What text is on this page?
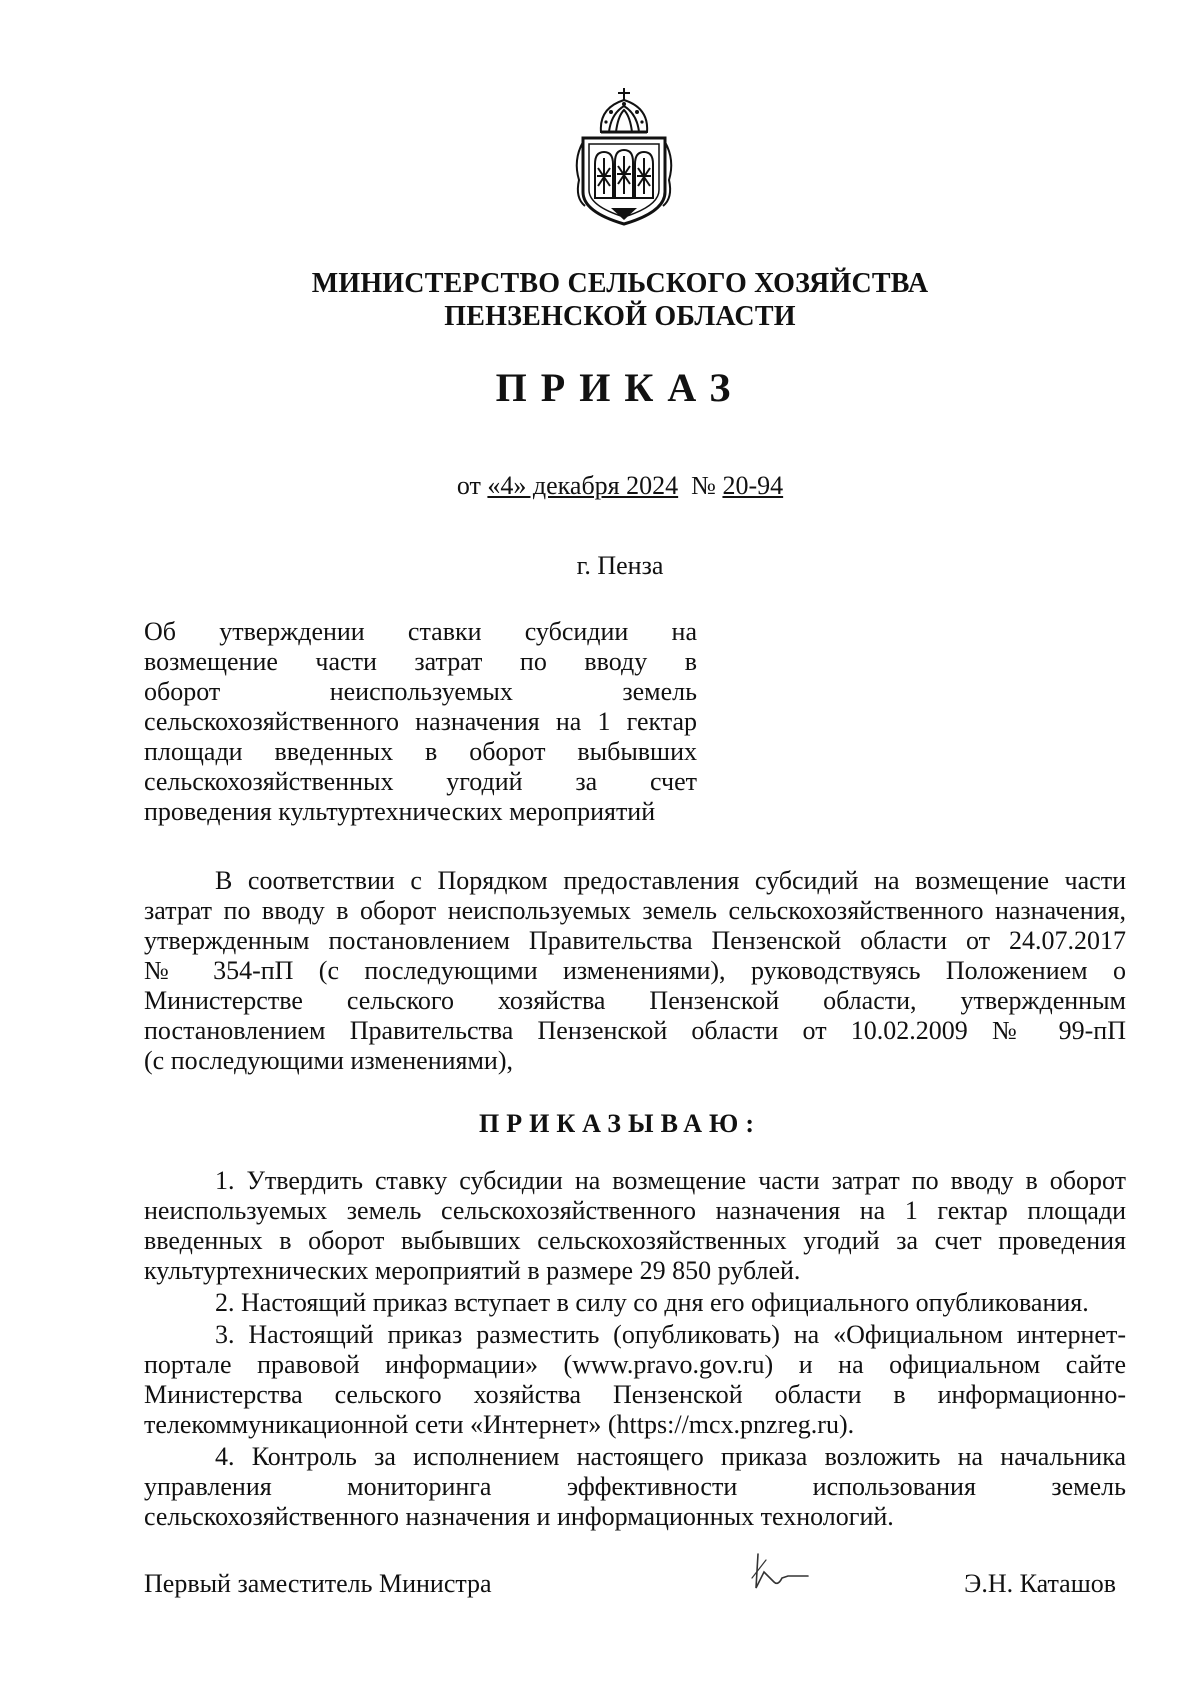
МИНИСТЕРСТВО СЕЛЬСКОГО ХОЗЯЙСТВА
ПЕНЗЕНСКОЙ ОБЛАСТИ
ПРИКАЗ
от «4» декабря 2024 № 20-94
г. Пенза
Об утверждении ставки субсидии на
возмещение части затрат по вводу в
оборот неиспользуемых земель
сельскохозяйственного назначения на 1 гектар
площади введенных в оборот выбывших
сельскохозяйственных угодий за счет
проведения культуртехнических мероприятий
В соответствии с Порядком предоставления субсидий на возмещение части
затрат по вводу в оборот неиспользуемых земель сельскохозяйственного назначения,
утвержденным постановлением Правительства Пензенской области от 24.07.2017
№ 354-пП (с последующими изменениями), руководствуясь Положением о
Министерстве сельского хозяйства Пензенской области, утвержденным
постановлением Правительства Пензенской области от 10.02.2009 № 99-пП
(с последующими изменениями),
ПРИКАЗЫВАЮ:
1. Утвердить ставку субсидии на возмещение части затрат по вводу в оборот
неиспользуемых земель сельскохозяйственного назначения на 1 гектар площади
введенных в оборот выбывших сельскохозяйственных угодий за счет проведения
культуртехнических мероприятий в размере 29 850 рублей.
2. Настоящий приказ вступает в силу со дня его официального опубликования.
3. Настоящий приказ разместить (опубликовать) на «Официальном интернет-
портале правовой информации» (www.pravo.gov.ru) и на официальном сайте
Министерства сельского хозяйства Пензенской области в информационно-
телекоммуникационной сети «Интернет» (https://mcx.pnzreg.ru).
4. Контроль за исполнением настоящего приказа возложить на начальника
управления мониторинга эффективности использования земель
сельскохозяйственного назначения и информационных технологий.
Первый заместитель Министра	Э.Н. Каташов
